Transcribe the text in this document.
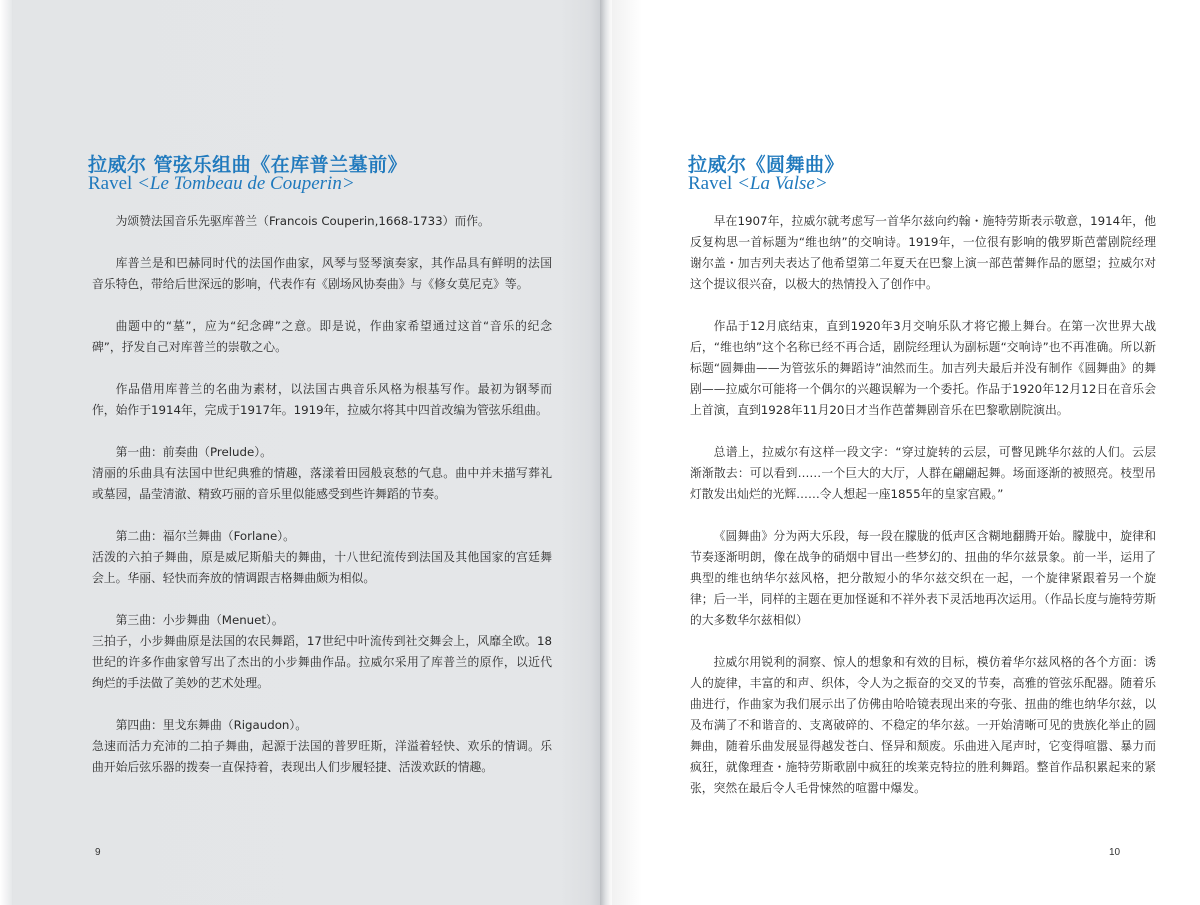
拉威尔 管弦乐组曲《在库普兰墓前》
Ravel <Le Tombeau de Couperin>

为颂赞法国音乐先驱库普兰（Francois Couperin,1668-1733）而作。

库普兰是和巴赫同时代的法国作曲家，风琴与竖琴演奏家，其作品具有鲜明的法国音乐特色，带给后世深远的影响，代表作有《剧场风协奏曲》与《修女莫尼克》等。

曲题中的“墓”，应为“纪念碑”之意。即是说，作曲家希望通过这首“音乐的纪念碑”，抒发自己对库普兰的崇敬之心。

作品借用库普兰的名曲为素材，以法国古典音乐风格为根基写作。最初为钢琴而作，始作于1914年，完成于1917年。1919年，拉威尔将其中四首改编为管弦乐组曲。

第一曲：前奏曲（Prelude）。

清丽的乐曲具有法国中世纪典雅的情趣，落漾着田园般哀愁的气息。曲中并未描写葬礼或墓园，晶莹清澈、精致巧丽的音乐里似能感受到些许舞蹈的节奏。

第二曲：福尔兰舞曲（Forlane）。

活泼的六拍子舞曲，原是威尼斯船夫的舞曲，十八世纪流传到法国及其他国家的宫廷舞会上。华丽、轻快而奔放的情调跟吉格舞曲颇为相似。

第三曲：小步舞曲（Menuet）。

三拍子，小步舞曲原是法国的农民舞蹈，17世纪中叶流传到社交舞会上，风靡全欧。18世纪的许多作曲家曾写出了杰出的小步舞曲作品。拉威尔采用了库普兰的原作，以近代绚烂的手法做了美妙的艺术处理。

第四曲：里戈东舞曲（Rigaudon）。

急速而活力充沛的二拍子舞曲，起源于法国的普罗旺斯，洋溢着轻快、欢乐的情调。乐曲开始后弦乐器的拨奏一直保持着，表现出人们步履轻捷、活泼欢跃的情趣。

9
拉威尔《圆舞曲》
Ravel <La Valse>

早在1907年，拉威尔就考虑写一首华尔兹向约翰・施特劳斯表示敬意，1914年，他反复构思一首标题为“维也纳”的交响诗。1919年，一位很有影响的俄罗斯芭蕾剧院经理谢尔盖・加吉列夫表达了他希望第二年夏天在巴黎上演一部芭蕾舞作品的愿望；拉威尔对这个提议很兴奋，以极大的热情投入了创作中。

作品于12月底结束，直到1920年3月交响乐队才将它搬上舞台。在第一次世界大战后，“维也纳”这个名称已经不再合适，剧院经理认为副标题“交响诗”也不再准确。所以新标题“圆舞曲——为管弦乐的舞蹈诗”油然而生。加吉列夫最后并没有制作《圆舞曲》的舞剧——拉威尔可能将一个偶尔的兴趣误解为一个委托。作品于1920年12月12日在音乐会上首演，直到1928年11月20日才当作芭蕾舞剧音乐在巴黎歌剧院演出。

总谱上，拉威尔有这样一段文字：“穿过旋转的云层，可瞥见跳华尔兹的人们。云层渐渐散去：可以看到……一个巨大的大厅，人群在翩翩起舞。场面逐渐的被照亮。枝型吊灯散发出灿烂的光辉……令人想起一座1855年的皇家宫殿。”

《圆舞曲》分为两大乐段，每一段在朦胧的低声区含糊地翻腾开始。朦胧中，旋律和节奏逐渐明朗，像在战争的硝烟中冒出一些梦幻的、扭曲的华尔兹景象。前一半，运用了典型的维也纳华尔兹风格，把分散短小的华尔兹交织在一起，一个旋律紧跟着另一个旋律；后一半，同样的主题在更加怪诞和不祥外表下灵活地再次运用。（作品长度与施特劳斯的大多数华尔兹相似）

拉威尔用锐利的洞察、惊人的想象和有效的目标，模仿着华尔兹风格的各个方面：诱人的旋律，丰富的和声、织体，令人为之振奋的交叉的节奏，高雅的管弦乐配器。随着乐曲进行，作曲家为我们展示出了仿佛由哈哈镜表现出来的夸张、扭曲的维也纳华尔兹，以及布满了不和谐音的、支离破碎的、不稳定的华尔兹。一开始清晰可见的贵族化举止的圆舞曲，随着乐曲发展显得越发苍白、怪异和颓废。乐曲进入尾声时，它变得喧嚣、暴力而疯狂，就像理查・施特劳斯歌剧中疯狂的埃莱克特拉的胜利舞蹈。整首作品积累起来的紧张，突然在最后令人毛骨悚然的喧嚣中爆发。

10
